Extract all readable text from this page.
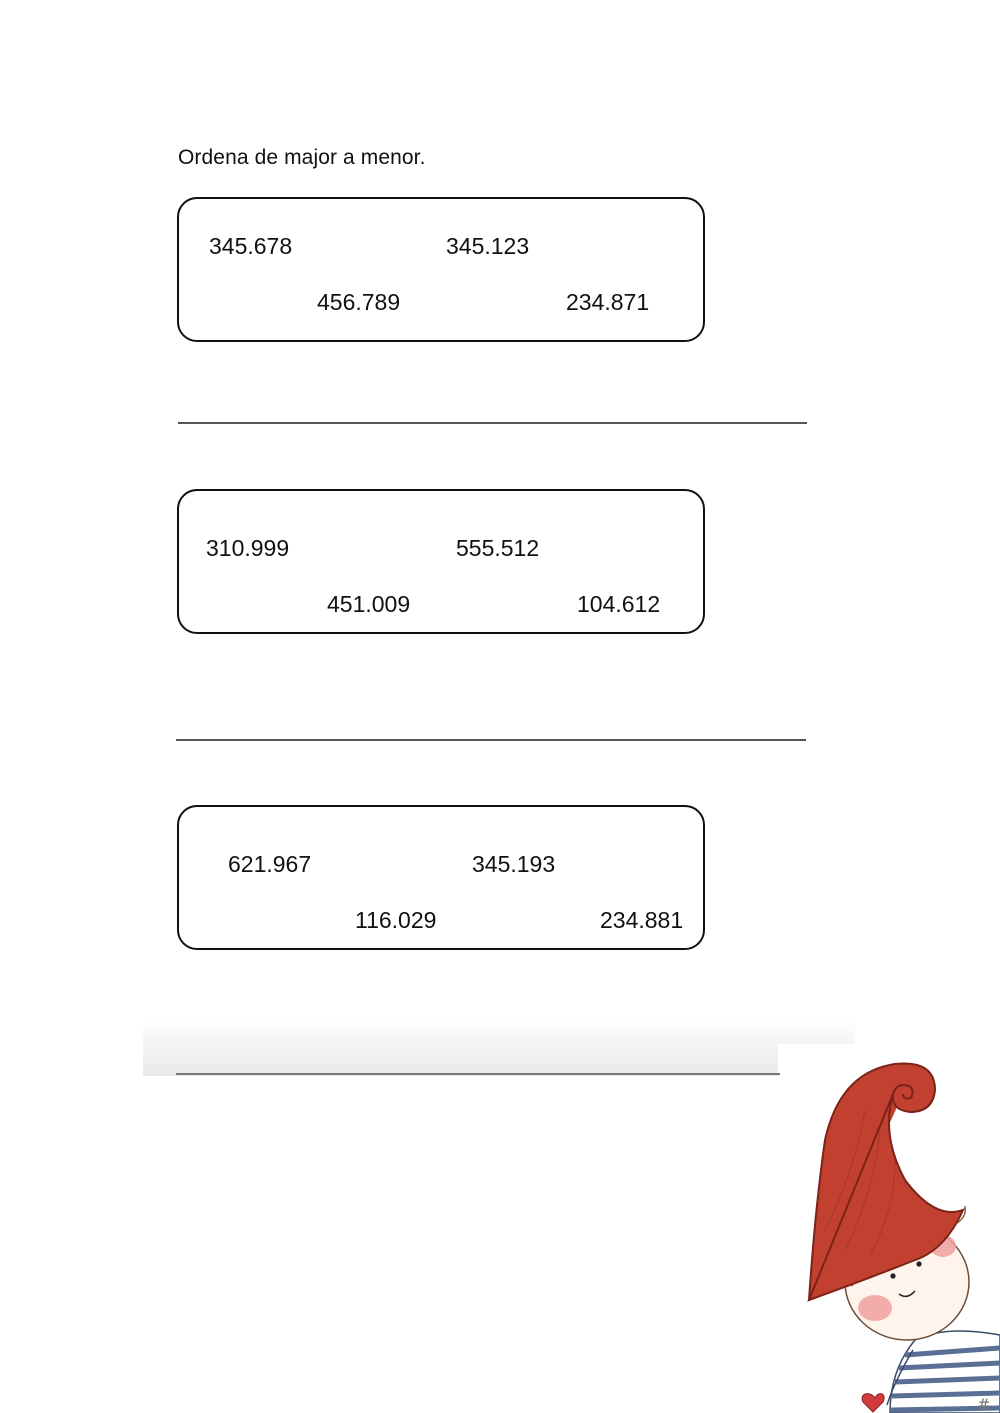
Ordena de major a menor.
345.678	345.123
456.789	234.871
310.999	555.512
451.009	104.612
621.967	345.193
116.029	234.881
#
